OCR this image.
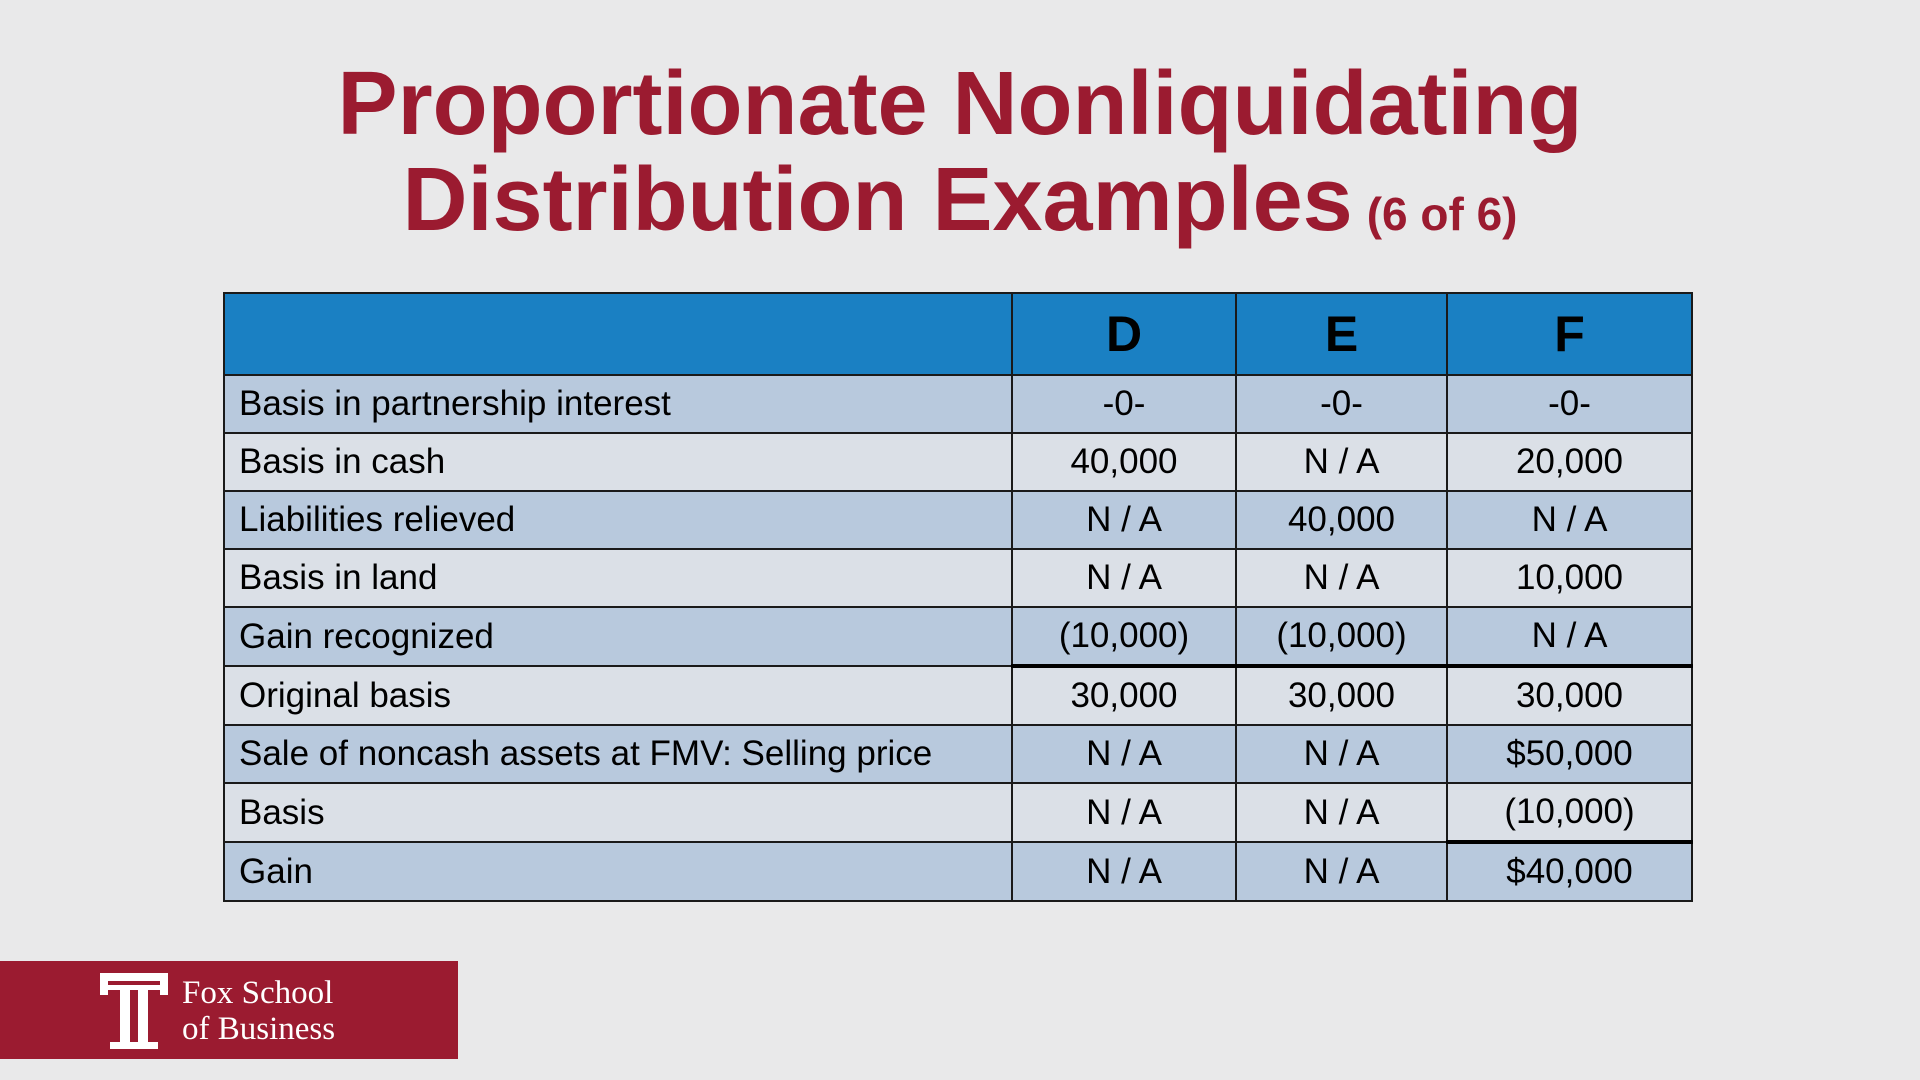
Proportionate Nonliquidating
Distribution Examples (6 of 6)
	D	E	F
Basis in partnership interest	-0-	-0-	-0-
Basis in cash	40,000	N / A	20,000
Liabilities relieved	N / A	40,000	N / A
Basis in land	N / A	N / A	10,000
Gain recognized	(10,000)	(10,000)	N / A
Original basis	30,000	30,000	30,000
Sale of noncash assets at FMV: Selling price	N / A	N / A	$50,000
Basis	N / A	N / A	(10,000)
Gain	N / A	N / A	$40,000
Fox School
of Business
